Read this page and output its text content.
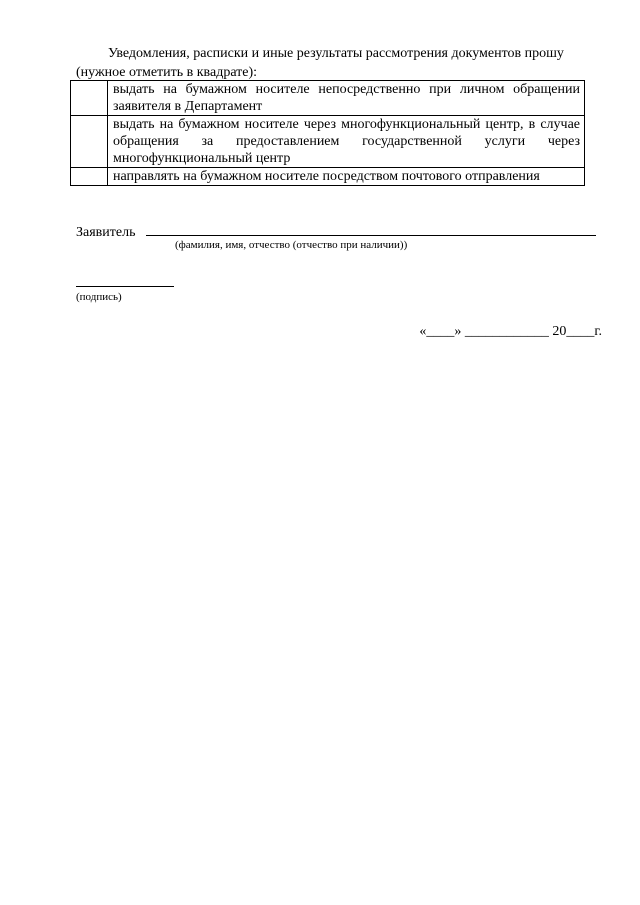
Уведомления, расписки и иные результаты рассмотрения документов прошу (нужное отметить в квадрате):
	выдать на бумажном носителе непосредственно при личном обращении заявителя в Департамент
	выдать на бумажном носителе через многофункциональный центр, в случае обращения за предоставлением государственной услуги через многофункциональный центр
	направлять на бумажном носителе посредством почтового отправления
Заявитель
(фамилия, имя, отчество (отчество при наличии))
(подпись)
«____» ____________ 20____г.
